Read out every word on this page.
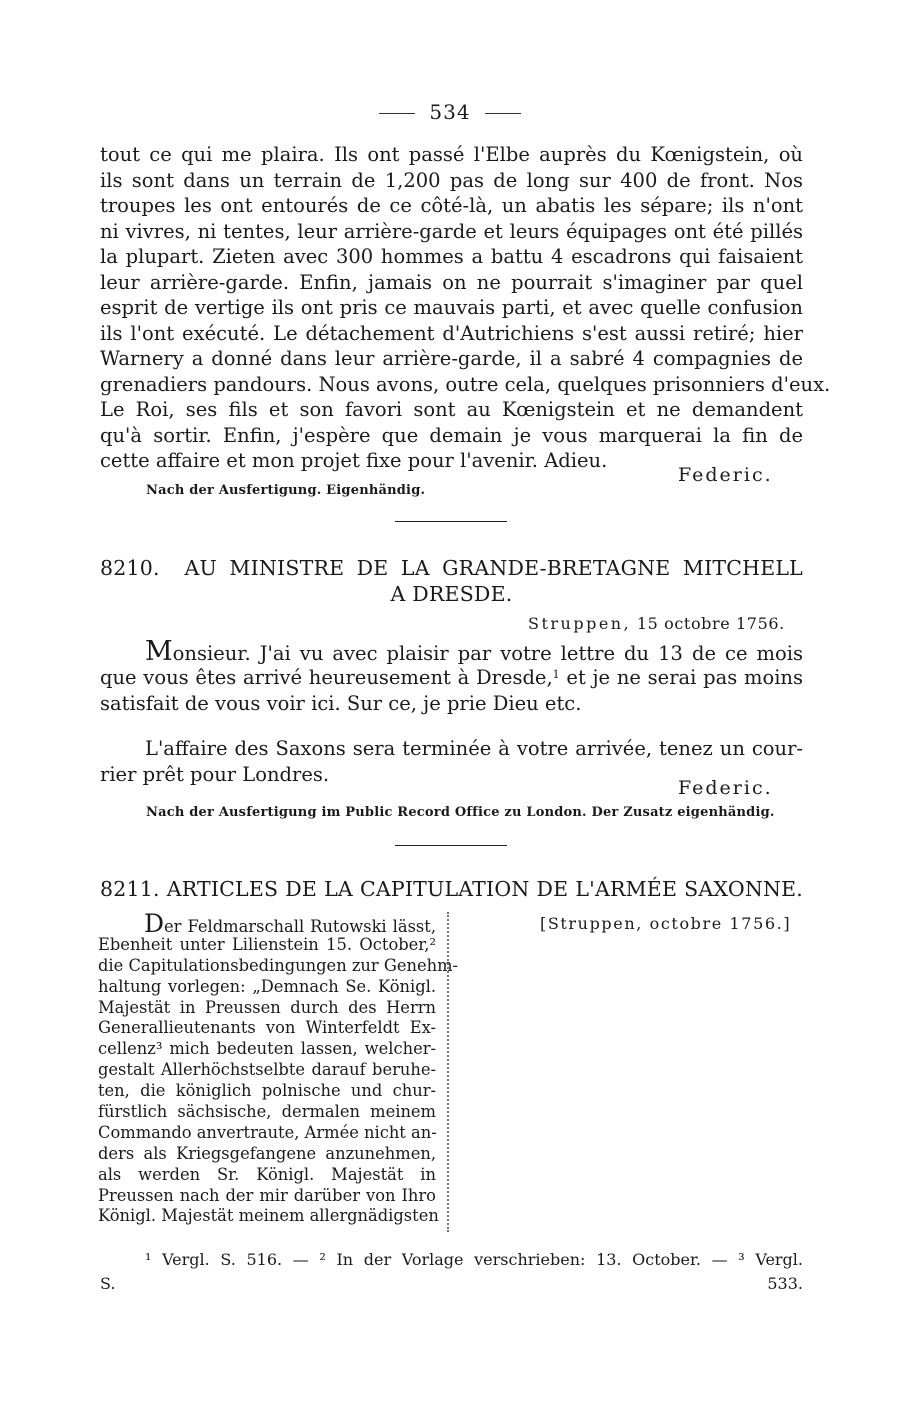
534
tout ce qui me plaira. Ils ont passé l'Elbe auprès du Kœnigstein, où
ils sont dans un terrain de 1,200 pas de long sur 400 de front. Nos
troupes les ont entourés de ce côté-là, un abatis les sépare; ils n'ont
ni vivres, ni tentes, leur arrière-garde et leurs équipages ont été pillés
la plupart. Zieten avec 300 hommes a battu 4 escadrons qui faisaient
leur arrière-garde. Enfin, jamais on ne pourrait s'imaginer par quel
esprit de vertige ils ont pris ce mauvais parti, et avec quelle confusion
ils l'ont exécuté. Le détachement d'Autrichiens s'est aussi retiré; hier
Warnery a donné dans leur arrière-garde, il a sabré 4 compagnies de
grenadiers pandours. Nous avons, outre cela, quelques prisonniers d'eux.
Le Roi, ses fils et son favori sont au Kœnigstein et ne demandent
qu'à sortir. Enfin, j'espère que demain je vous marquerai la fin de
cette affaire et mon projet fixe pour l'avenir. Adieu.
Federic.
Nach der Ausfertigung. Eigenhändig.
8210. AU MINISTRE DE LA GRANDE-BRETAGNE MITCHELL
A DRESDE.
Struppen, 15 octobre 1756.
Monsieur. J'ai vu avec plaisir par votre lettre du 13 de ce mois
que vous êtes arrivé heureusement à Dresde,$^1$ et je ne serai pas moins
satisfait de vous voir ici. Sur ce, je prie Dieu etc.
L'affaire des Saxons sera terminée à votre arrivée, tenez un cour-
rier prêt pour Londres.
Federic.
Nach der Ausfertigung im Public Record Office zu London. Der Zusatz eigenhändig.
8211. ARTICLES DE LA CAPITULATION DE L'ARMÉE SAXONNE.
[Struppen, octobre 1756.]
Der Feldmarschall Rutowski lässt,
Ebenheit unter Lilienstein 15. October,²
die Capitulationsbedingungen zur Genehm-
haltung vorlegen: „Demnach Se. Königl.
Majestät in Preussen durch des Herrn
Generallieutenants von Winterfeldt Ex-
cellenz³ mich bedeuten lassen, welcher-
gestalt Allerhöchstselbte darauf beruhe-
ten, die königlich polnische und chur-
fürstlich sächsische, dermalen meinem
Commando anvertraute, Armée nicht an-
ders als Kriegsgefangene anzunehmen,
als werden Sr. Königl. Majestät in
Preussen nach der mir darüber von Ihro
Königl. Majestät meinem allergnädigsten
¹ Vergl. S. 516. — ² In der Vorlage verschrieben: 13. October. — ³ Vergl.
S. 533.
